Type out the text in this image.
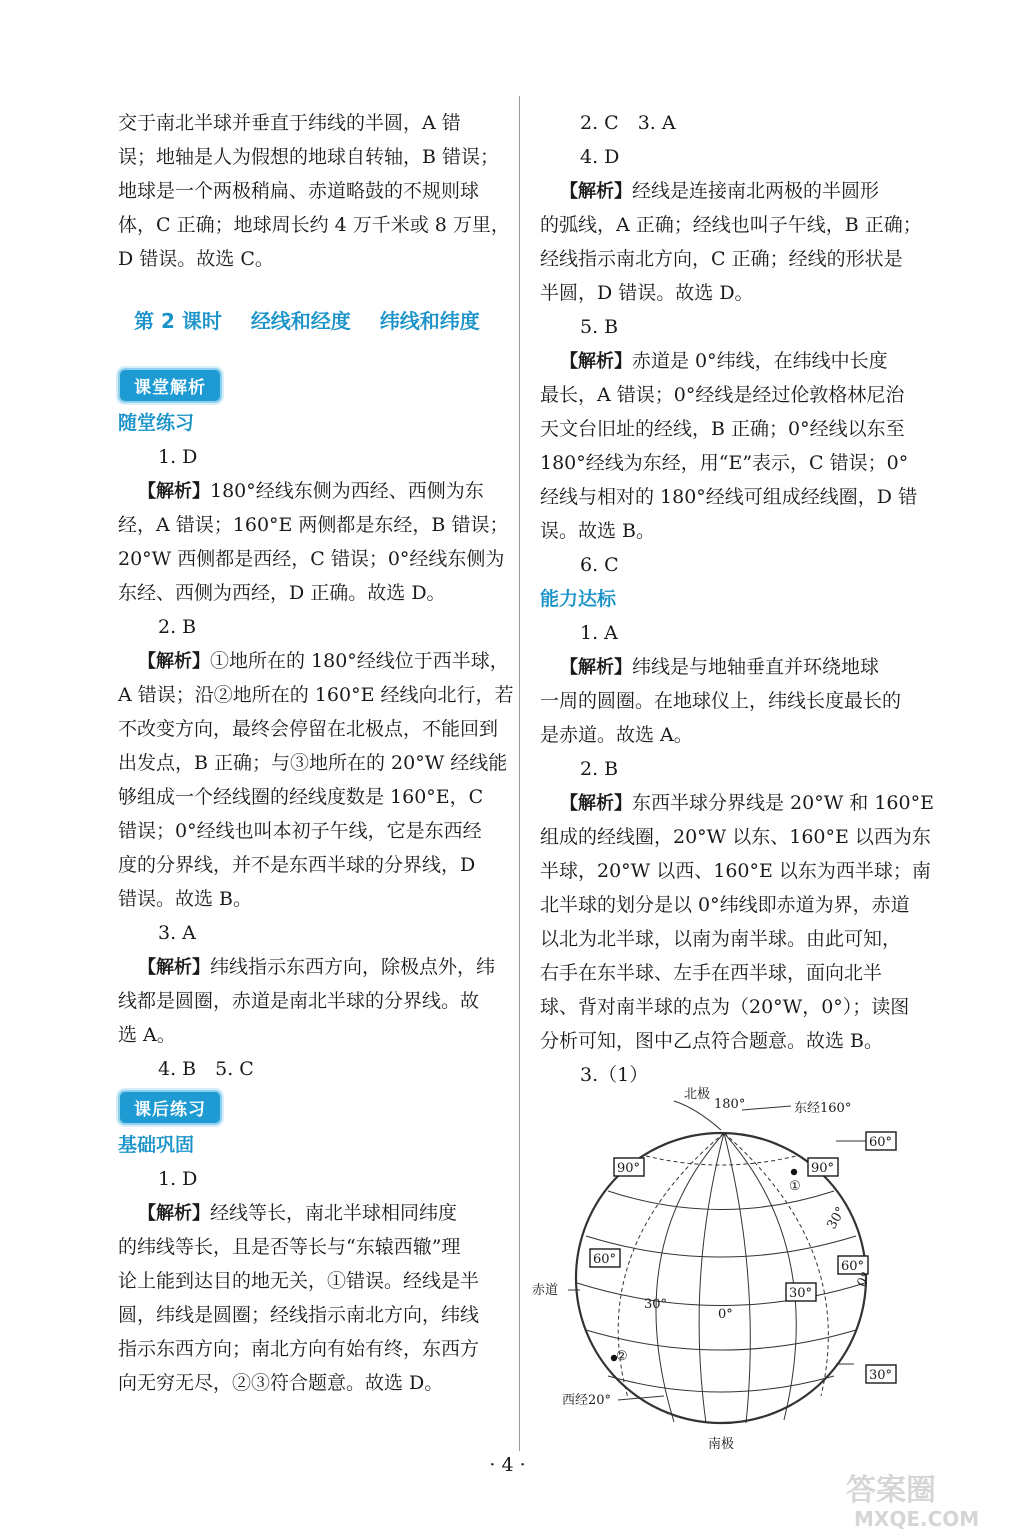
交于南北半球并垂直于纬线的半圆，A 错
误；地轴是人为假想的地球自转轴，B 错误；
地球是一个两极稍扁、赤道略鼓的不规则球
体，C 正确；地球周长约 4 万千米或 8 万里，
D 错误。故选 C。
第 2 课时 经线和经度 纬线和纬度
课堂解析
随堂练习
1. D
【解析】180°经线东侧为西经、西侧为东
经，A 错误；160°E 两侧都是东经，B 错误；
20°W 西侧都是西经，C 错误；0°经线东侧为
东经、西侧为西经，D 正确。故选 D。
2. B
【解析】①地所在的 180°经线位于西半球，
A 错误；沿②地所在的 160°E 经线向北行，若
不改变方向，最终会停留在北极点，不能回到
出发点，B 正确；与③地所在的 20°W 经线能
够组成一个经线圈的经线度数是 160°E，C
错误；0°经线也叫本初子午线，它是东西经
度的分界线，并不是东西半球的分界线，D
错误。故选 B。
3. A
【解析】纬线指示东西方向，除极点外，纬
线都是圆圈，赤道是南北半球的分界线。故
选 A。
4. B　5. C
课后练习
基础巩固
1. D
【解析】经线等长，南北半球相同纬度
的纬线等长，且是否等长与“东辕西辙”理
论上能到达目的地无关，①错误。经线是半
圆，纬线是圆圈；经线指示南北方向，纬线
指示东西方向；南北方向有始有终，东西方
向无穷无尽，②③符合题意。故选 D。
2. C　3. A
4. D
【解析】经线是连接南北两极的半圆形
的弧线，A 正确；经线也叫子午线，B 正确；
经线指示南北方向，C 正确；经线的形状是
半圆，D 错误。故选 D。
5. B
【解析】赤道是 0°纬线，在纬线中长度
最长，A 错误；0°经线是经过伦敦格林尼治
天文台旧址的经线，B 正确；0°经线以东至
180°经线为东经，用“E”表示，C 错误；0°
经线与相对的 180°经线可组成经线圈，D 错
误。故选 B。
6. C
能力达标
1. A
【解析】纬线是与地轴垂直并环绕地球
一周的圆圈。在地球仪上，纬线长度最长的
是赤道。故选 A。
2. B
【解析】东西半球分界线是 20°W 和 160°E
组成的经线圈，20°W 以东、160°E 以西为东
半球，20°W 以西、160°E 以东为西半球；南
北半球的划分是以 0°纬线即赤道为界，赤道
以北为北半球，以南为南半球。由此可知，
右手在东半球、左手在西半球，面向北半
球、背对南半球的点为（20°W，0°）；读图
分析可知，图中乙点符合题意。故选 B。
3.（1）
北极
180°	东经160°
①
②
赤道
西经20°
南极
60°
90°	90°
60°	60°
30°
30°
30°
30°
0°
0°
· 4 ·
答案圈
MXQE.COM
